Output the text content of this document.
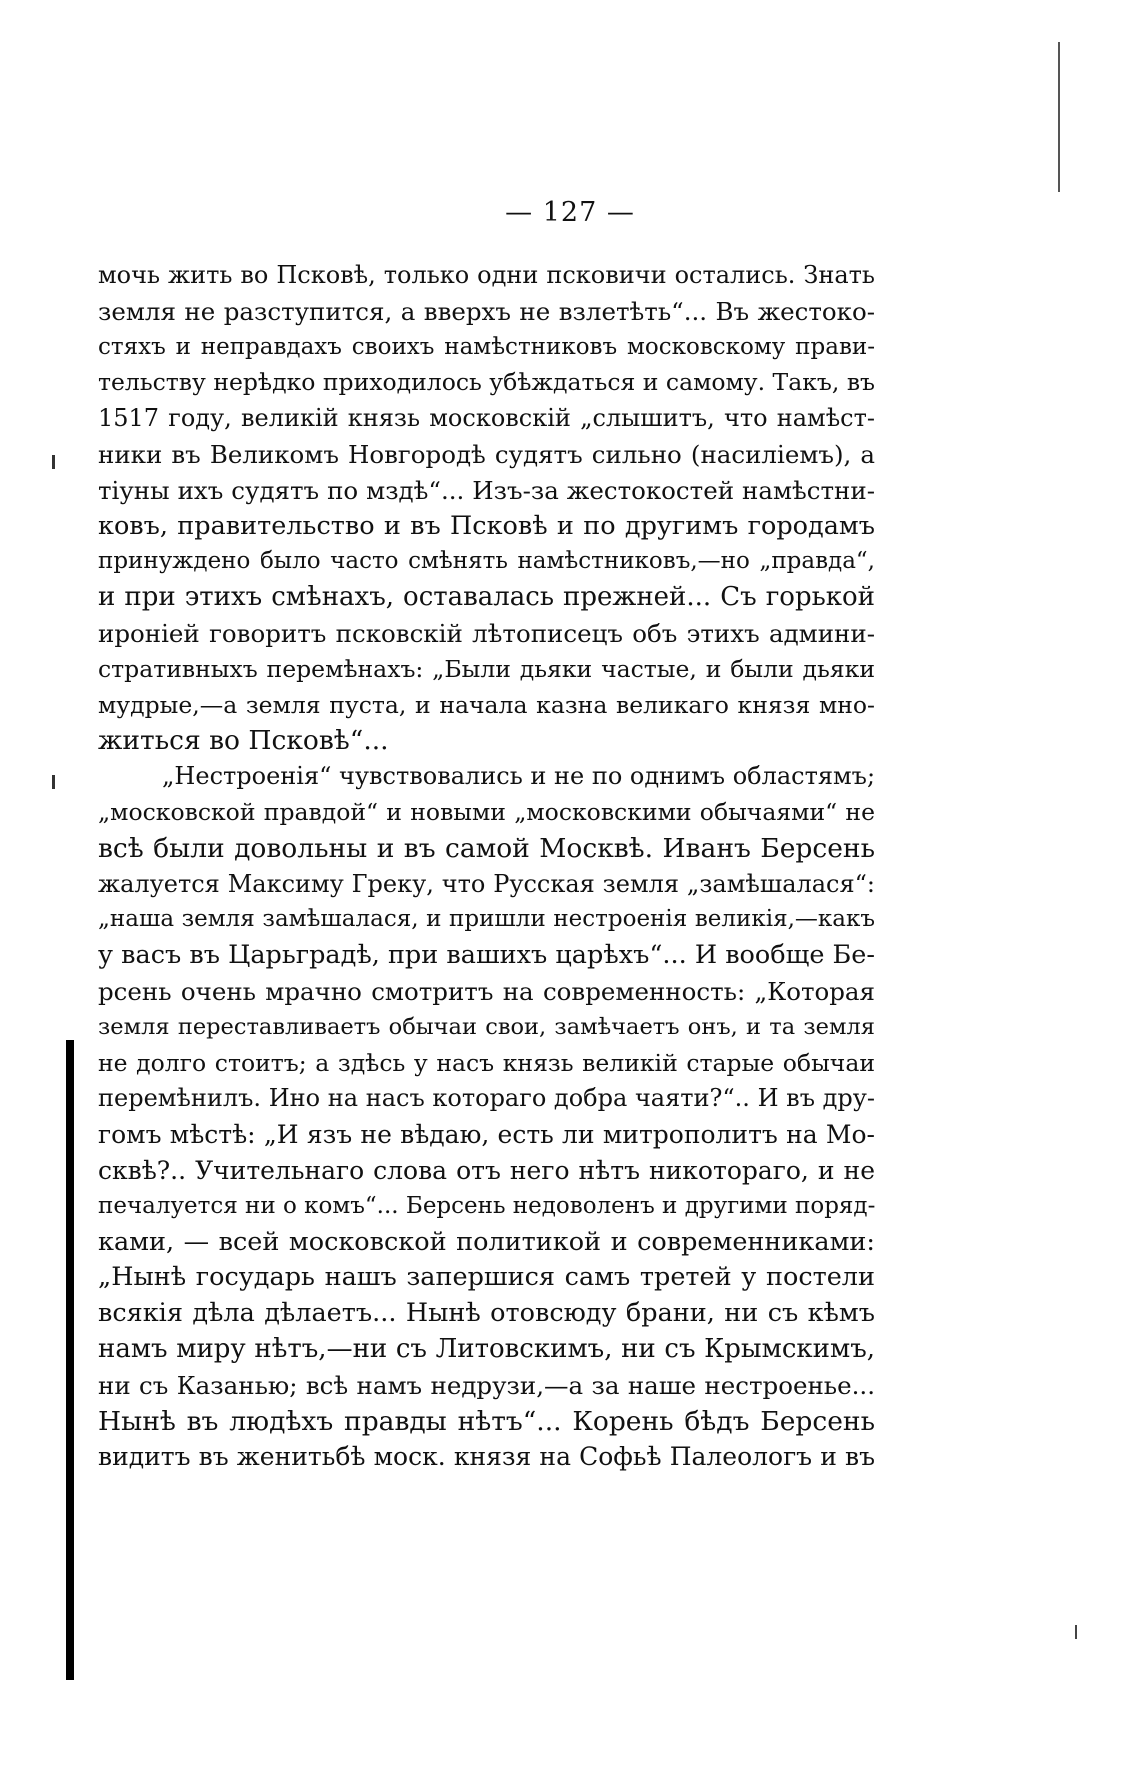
— 127 —
мочь жить во Псковѣ, только одни псковичи остались. Знать
земля не разступится, а вверхъ не взлетѣть“... Въ жестоко-
стяхъ и неправдахъ своихъ намѣстниковъ московскому прави-
тельству нерѣдко приходилось убѣждаться и самому. Такъ, въ
1517 году, великій князь московскій „слышитъ, что намѣст-
ники въ Великомъ Новгородѣ судятъ сильно (насиліемъ), а
тіуны ихъ судятъ по мздѣ“... Изъ-за жестокостей намѣстни-
ковъ, правительство и въ Псковѣ и по другимъ городамъ
принуждено было часто смѣнять намѣстниковъ,—но „правда“,
и при этихъ смѣнахъ, оставалась прежней... Съ горькой
ироніей говоритъ псковскій лѣтописецъ объ этихъ админи-
стративныхъ перемѣнахъ: „Были дьяки частые, и были дьяки
мудрые,—а земля пуста, и начала казна великаго князя мно-
житься во Псковѣ“...
„Нестроенія“ чувствовались и не по однимъ областямъ;
„московской правдой“ и новыми „московскими обычаями“ не
всѣ были довольны и въ самой Москвѣ. Иванъ Берсень
жалуется Максиму Греку, что Русская земля „замѣшалася“:
„наша земля замѣшалася, и пришли нестроенія великія,—какъ
у васъ въ Царьградѣ, при вашихъ царѣхъ“... И вообще Бе-
рсень очень мрачно смотритъ на современность: „Которая
земля переставливаетъ обычаи свои, замѣчаетъ онъ, и та земля
не долго стоитъ; а здѣсь у насъ князь великій старые обычаи
перемѣнилъ. Ино на насъ котораго добра чаяти?“.. И въ дру-
гомъ мѣстѣ: „И язъ не вѣдаю, есть ли митрополитъ на Мо-
сквѣ?.. Учительнаго слова отъ него нѣтъ никотораго, и не
печалуется ни о комъ“... Берсень недоволенъ и другими поряд-
ками, — всей московской политикой и современниками:
„Нынѣ государь нашъ запершися самъ третей у постели
всякія дѣла дѣлаетъ... Нынѣ отовсюду брани, ни съ кѣмъ
намъ миру нѣтъ,—ни съ Литовскимъ, ни съ Крымскимъ,
ни съ Казанью; всѣ намъ недрузи,—а за наше нестроенье...
Нынѣ въ людѣхъ правды нѣтъ“... Корень бѣдъ Берсень
видитъ въ женитьбѣ моск. князя на Софьѣ Палеологъ и въ
